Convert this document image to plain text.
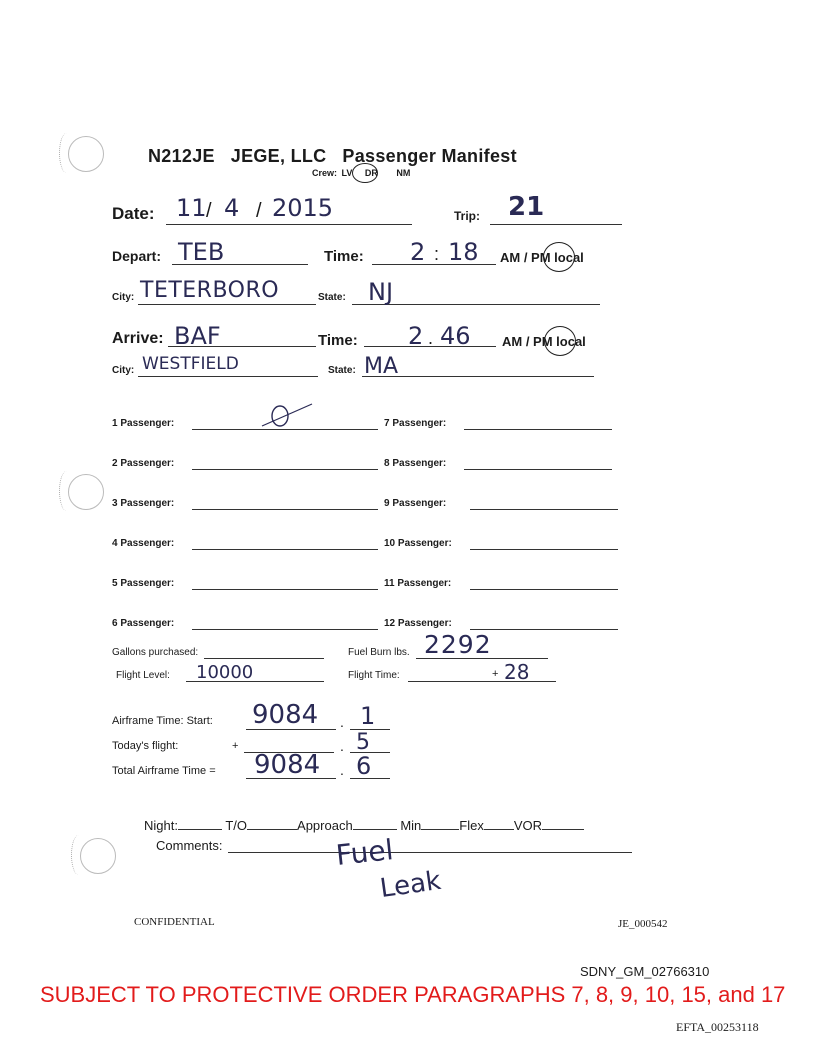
N212JE JEGE, LLC Passenger Manifest
Crew: LV DR NM
Date: 11 / 4 / 2015	Trip: 21
Depart: TEB	Time: 2 : 18 AM / PM local
City: TETERBORO	State: NJ
Arrive: BAF	Time: 2 . 46 AM / PM local
City: WESTFIELD	State: MA
1 Passenger:	7 Passenger:
2 Passenger:	8 Passenger:
3 Passenger:	9 Passenger:
4 Passenger:	10 Passenger:
5 Passenger:	11 Passenger:
6 Passenger:	12 Passenger:
Gallons purchased:	Fuel Burn lbs. 2292
Flight Level: 10000	Flight Time:	+ 28
Airframe Time: Start: 9084 . 1
Today's flight:	+	. 5
Total Airframe Time = 9084 . 6
Night:	T/O	Approach	Min	Flex VOR
Comments:	Fuel
Leak
CONFIDENTIAL	JE_000542
SDNY_GM_02766310
SUBJECT TO PROTECTIVE ORDER PARAGRAPHS 7, 8, 9, 10, 15, and 17
EFTA_00253118
